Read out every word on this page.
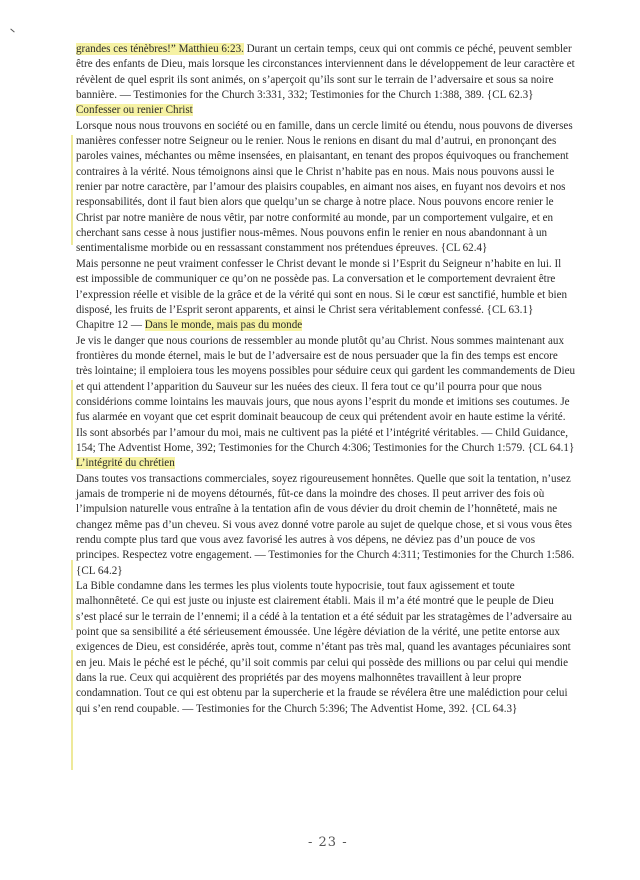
grandes ces ténèbres!” Matthieu 6:23. Durant un certain temps, ceux qui ont commis ce péché, peuvent sembler être des enfants de Dieu, mais lorsque les circonstances interviennent dans le développement de leur caractère et révèlent de quel esprit ils sont animés, on s’aperçoit qu’ils sont sur le terrain de l’adversaire et sous sa noire bannière. — Testimonies for the Church 3:331, 332; Testimonies for the Church 1:388, 389. {CL 62.3}

Confesser ou renier Christ

Lorsque nous nous trouvons en société ou en famille, dans un cercle limité ou étendu, nous pouvons de diverses manières confesser notre Seigneur ou le renier. Nous le renions en disant du mal d’autrui, en prononçant des paroles vaines, méchantes ou même insensées, en plaisantant, en tenant des propos équivoques ou franchement contraires à la vérité. Nous témoignons ainsi que le Christ n’habite pas en nous. Mais nous pouvons aussi le renier par notre caractère, par l’amour des plaisirs coupables, en aimant nos aises, en fuyant nos devoirs et nos responsabilités, dont il faut bien alors que quelqu’un se charge à notre place. Nous pouvons encore renier le Christ par notre manière de nous vêtir, par notre conformité au monde, par un comportement vulgaire, et en cherchant sans cesse à nous justifier nous-mêmes. Nous pouvons enfin le renier en nous abandonnant à un sentimentalisme morbide ou en ressassant constamment nos prétendues épreuves. {CL 62.4}

Mais personne ne peut vraiment confesser le Christ devant le monde si l’Esprit du Seigneur n’habite en lui. Il est impossible de communiquer ce qu’on ne possède pas. La conversation et le comportement devraient être l’expression réelle et visible de la grâce et de la vérité qui sont en nous. Si le cœur est sanctifié, humble et bien disposé, les fruits de l’Esprit seront apparents, et ainsi le Christ sera véritablement confessé. {CL 63.1}

Chapitre 12 — Dans le monde, mais pas du monde

Je vis le danger que nous courions de ressembler au monde plutôt qu’au Christ. Nous sommes maintenant aux frontières du monde éternel, mais le but de l’adversaire est de nous persuader que la fin des temps est encore très lointaine; il emploiera tous les moyens possibles pour séduire ceux qui gardent les commandements de Dieu et qui attendent l’apparition du Sauveur sur les nuées des cieux. Il fera tout ce qu’il pourra pour que nous considérions comme lointains les mauvais jours, que nous ayons l’esprit du monde et imitions ses coutumes. Je fus alarmée en voyant que cet esprit dominait beaucoup de ceux qui prétendent avoir en haute estime la vérité. Ils sont absorbés par l’amour du moi, mais ne cultivent pas la piété et l’intégrité véritables. — Child Guidance, 154; The Adventist Home, 392; Testimonies for the Church 4:306; Testimonies for the Church 1:579. {CL 64.1}

L’intégrité du chrétien

Dans toutes vos transactions commerciales, soyez rigoureusement honnêtes. Quelle que soit la tentation, n’usez jamais de tromperie ni de moyens détournés, fût-ce dans la moindre des choses. Il peut arriver des fois où l’impulsion naturelle vous entraîne à la tentation afin de vous dévier du droit chemin de l’honnêteté, mais ne changez même pas d’un cheveu. Si vous avez donné votre parole au sujet de quelque chose, et si vous vous êtes rendu compte plus tard que vous avez favorisé les autres à vos dépens, ne déviez pas d’un pouce de vos principes. Respectez votre engagement. — Testimonies for the Church 4:311; Testimonies for the Church 1:586. {CL 64.2}

La Bible condamne dans les termes les plus violents toute hypocrisie, tout faux agissement et toute malhonnêteté. Ce qui est juste ou injuste est clairement établi. Mais il m’a été montré que le peuple de Dieu s’est placé sur le terrain de l’ennemi; il a cédé à la tentation et a été séduit par les stratagèmes de l’adversaire au point que sa sensibilité a été sérieusement émoussée. Une légère déviation de la vérité, une petite entorse aux exigences de Dieu, est considérée, après tout, comme n’étant pas très mal, quand les avantages pécuniaires sont en jeu. Mais le péché est le péché, qu’il soit commis par celui qui possède des millions ou par celui qui mendie dans la rue. Ceux qui acquièrent des propriétés par des moyens malhonnêtes travaillent à leur propre condamnation. Tout ce qui est obtenu par la supercherie et la fraude se révélera être une malédiction pour celui qui s’en rend coupable. — Testimonies for the Church 5:396; The Adventist Home, 392. {CL 64.3}

- 23 -
